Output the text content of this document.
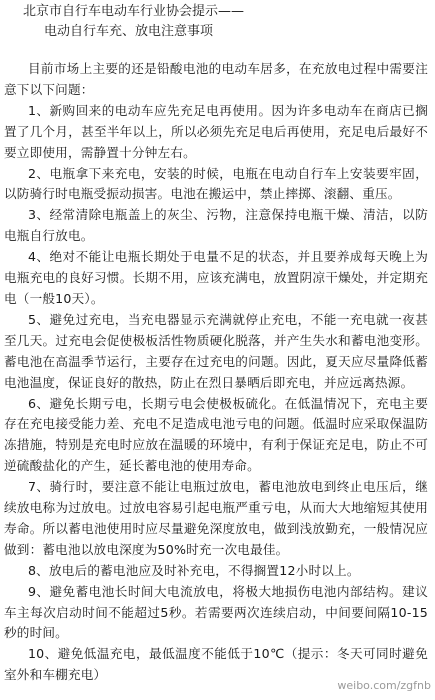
北京市自行车电动车行业协会提示——
电动自行车充、放电注意事项

目前市场上主要的还是铅酸电池的电动车居多，在充放电过程中需要注意下以下问题：

1、新购回来的电动车应先充足电再使用。因为许多电动车在商店已搁置了几个月，甚至半年以上，所以必须先充足电后再使用，充足电后最好不要立即使用，需静置十分钟左右。

2、电瓶拿下来充电，安装的时候，电瓶在电动自行车上安装要牢固，以防骑行时电瓶受振动损害。电池在搬运中，禁止摔掷、滚翻、重压。

3、经常清除电瓶盖上的灰尘、污物，注意保持电瓶干燥、清洁，以防电瓶自行放电。

4、绝对不能让电瓶长期处于电量不足的状态，并且要养成每天晚上为电瓶充电的良好习惯。长期不用，应该充满电，放置阴凉干燥处，并定期充电（一般10天）。

5、避免过充电，当充电器显示充满就停止充电，不能一充电就一夜甚至几天。过充电会促使极板活性物质硬化脱落，并产生失水和蓄电池变形。蓄电池在高温季节运行，主要存在过充电的问题。因此，夏天应尽量降低蓄电池温度，保证良好的散热，防止在烈日暴晒后即充电，并应远离热源。

6、避免长期亏电，长期亏电会使极板硫化。在低温情况下，充电主要存在充电接受能力差、充电不足造成电池亏电的问题。低温时应采取保温防冻措施，特别是充电时应放在温暖的环境中，有利于保证充足电，防止不可逆硫酸盐化的产生，延长蓄电池的使用寿命。

7、骑行时，要注意不能让电瓶过放电，蓄电池放电到终止电压后，继续放电称为过放电。过放电容易引起电瓶严重亏电，从而大大地缩短其使用寿命。所以蓄电池使用时应尽量避免深度放电，做到浅放勤充，一般情况应做到：蓄电池以放电深度为50%时充一次电最佳。

8、放电后的蓄电池应及时补充电，不得搁置12小时以上。

9、避免蓄电池长时间大电流放电，将极大地损伤电池内部结构。建议车主每次启动时间不能超过5秒。若需要两次连续启动，中间要间隔10-15秒的时间。

10、避免低温充电，最低温度不能低于10℃（提示：冬天可同时避免室外和车棚充电）

weibo.com/zgfnb
